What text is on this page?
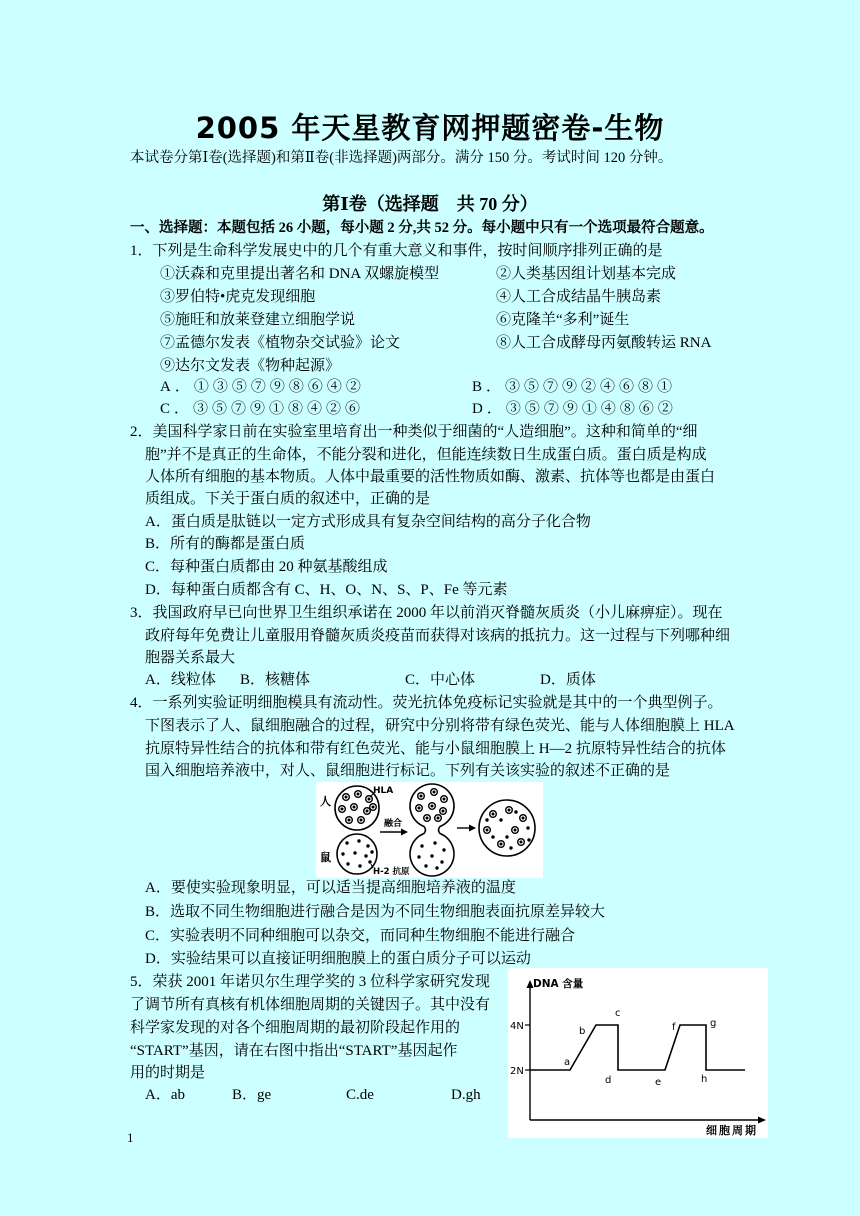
2005 年天星教育网押题密卷-生物
本试卷分第Ⅰ卷(选择题)和第Ⅱ卷(非选择题)两部分。满分 150 分。考试时间 120 分钟。
第Ⅰ卷（选择题　共 70 分）
一、选择题：本题包括 26 小题，每小题 2 分,共 52 分。每小题中只有一个选项最符合题意。
1．下列是生命科学发展史中的几个有重大意义和事件，按时间顺序排列正确的是
①沃森和克里提出著名和 DNA 双螺旋模型	②人类基因组计划基本完成
③罗伯特•虎克发现细胞	④人工合成结晶牛胰岛素
⑤施旺和放莱登建立细胞学说	⑥克隆羊“多利”诞生
⑦孟德尔发表《植物杂交试验》论文	⑧人工合成酵母丙氨酸转运 RNA
⑨达尔文发表《物种起源》
A．①③⑤⑦⑨⑧⑥④②	B．③⑤⑦⑨②④⑥⑧①
C．③⑤⑦⑨①⑧④②⑥	D．③⑤⑦⑨①④⑧⑥②
2．美国科学家日前在实验室里培育出一种类似于细菌的“人造细胞”。这种和简单的“细
胞”并不是真正的生命体，不能分裂和进化，但能连续数日生成蛋白质。蛋白质是构成
人体所有细胞的基本物质。人体中最重要的活性物质如酶、激素、抗体等也都是由蛋白
质组成。下关于蛋白质的叙述中，正确的是
A．蛋白质是肽链以一定方式形成具有复杂空间结构的高分子化合物
B．所有的酶都是蛋白质
C．每种蛋白质都由 20 种氨基酸组成
D．每种蛋白质都含有 C、H、O、N、S、P、Fe 等元素
3．我国政府早已向世界卫生组织承诺在 2000 年以前消灭脊髓灰质炎（小儿麻痹症）。现在
政府每年免费让儿童服用脊髓灰质炎疫苗而获得对该病的抵抗力。这一过程与下列哪种细
胞器关系最大
A．线粒体 B．核糖体	C．中心体	D．质体
4．一系列实验证明细胞模具有流动性。荧光抗体免疫标记实验就是其中的一个典型例子。
下图表示了人、鼠细胞融合的过程，研究中分别将带有绿色荧光、能与人体细胞膜上 HLA
抗原特异性结合的抗体和带有红色荧光、能与小鼠细胞膜上 H—2 抗原特异性结合的抗体
国入细胞培养液中，对人、鼠细胞进行标记。下列有关该实验的叙述不正确的是
人
HLA
融合
鼠
H-2 抗原
A．要使实验现象明显，可以适当提高细胞培养液的温度
B．选取不同生物细胞进行融合是因为不同生物细胞表面抗原差异较大
C．实验表明不同种细胞可以杂交，而同种生物细胞不能进行融合
D．实验结果可以直接证明细胞膜上的蛋白质分子可以运动
5．荣获 2001 年诺贝尔生理学奖的 3 位科学家研究发现
了调节所有真核有机体细胞周期的关键因子。其中没有
科学家发现的对各个细胞周期的最初阶段起作用的
“START”基因，请在右图中指出“START”基因起作
用的时期是
A．ab	B．ge	C.de	D.gh
DNA 含量
4N
2N
a
b
c
d	e
f	g
h
细胞周期
1
